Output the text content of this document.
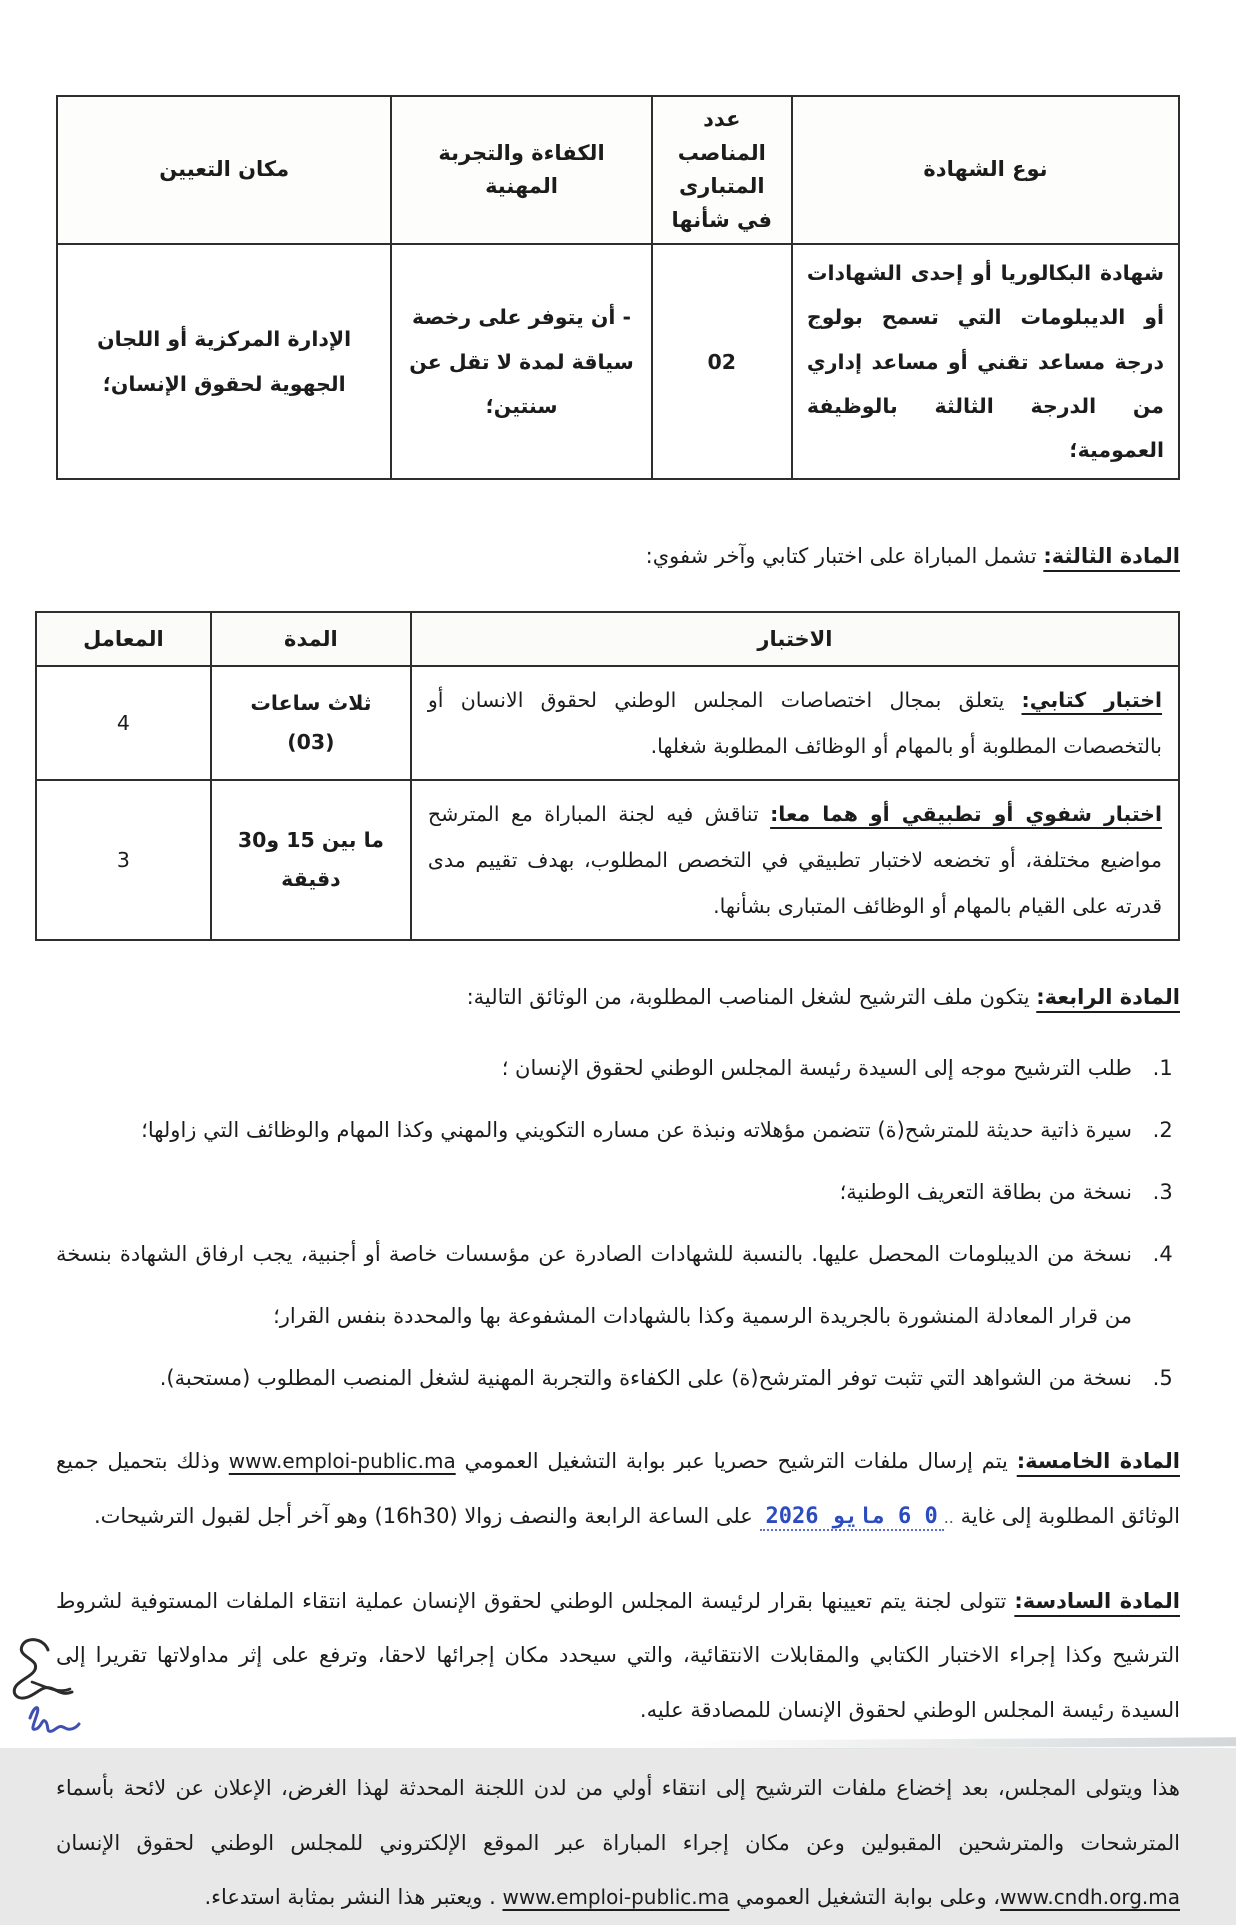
نوع الشهادة	عدد المناصب المتبارى في شأنها	الكفاءة والتجربة المهنية	مكان التعيين
شهادة البكالوريا أو إحدى الشهادات أو الديبلومات التي تسمح بولوج درجة مساعد تقني أو مساعد إداري من الدرجة الثالثة بالوظيفة العمومية؛	02	- أن يتوفر على رخصة سياقة لمدة لا تقل عن سنتين؛	الإدارة المركزية أو اللجان الجهوية لحقوق الإنسان؛

المادة الثالثة: تشمل المباراة على اختبار كتابي وآخر شفوي:

الاختبار	المدة	المعامل
اختبار كتابي: يتعلق بمجال اختصاصات المجلس الوطني لحقوق الانسان أو بالتخصصات المطلوبة أو بالمهام أو الوظائف المطلوبة شغلها.	ثلاث ساعات (03)	4
اختبار شفوي أو تطبيقي أو هما معا: تناقش فيه لجنة المباراة مع المترشح مواضيع مختلفة، أو تخضعه لاختبار تطبيقي في التخصص المطلوب، بهدف تقييم مدى قدرته على القيام بالمهام أو الوظائف المتبارى بشأنها.	ما بين 15 و30 دقيقة	3

المادة الرابعة: يتكون ملف الترشيح لشغل المناصب المطلوبة، من الوثائق التالية:

1. طلب الترشيح موجه إلى السيدة رئيسة المجلس الوطني لحقوق الإنسان ؛
2. سيرة ذاتية حديثة للمترشح(ة) تتضمن مؤهلاته ونبذة عن مساره التكويني والمهني وكذا المهام والوظائف التي زاولها؛
3. نسخة من بطاقة التعريف الوطنية؛
4. نسخة من الديبلومات المحصل عليها. بالنسبة للشهادات الصادرة عن مؤسسات خاصة أو أجنبية، يجب ارفاق الشهادة بنسخة من قرار المعادلة المنشورة بالجريدة الرسمية وكذا بالشهادات المشفوعة بها والمحددة بنفس القرار؛
5. نسخة من الشواهد التي تثبت توفر المترشح(ة) على الكفاءة والتجربة المهنية لشغل المنصب المطلوب (مستحبة).

المادة الخامسة: يتم إرسال ملفات الترشيح حصريا عبر بوابة التشغيل العمومي www.emploi-public.ma وذلك بتحميل جميع الوثائق المطلوبة إلى غاية ..0 6 مايو 2026 على الساعة الرابعة والنصف زوالا (16h30) وهو آخر أجل لقبول الترشيحات.

المادة السادسة: تتولى لجنة يتم تعيينها بقرار لرئيسة المجلس الوطني لحقوق الإنسان عملية انتقاء الملفات المستوفية لشروط الترشيح وكذا إجراء الاختبار الكتابي والمقابلات الانتقائية، والتي سيحدد مكان إجرائها لاحقا، وترفع على إثر مداولاتها تقريرا إلى السيدة رئيسة المجلس الوطني لحقوق الإنسان للمصادقة عليه.

هذا ويتولى المجلس، بعد إخضاع ملفات الترشيح إلى انتقاء أولي من لدن اللجنة المحدثة لهذا الغرض، الإعلان عن لائحة بأسماء المترشحات والمترشحين المقبولين وعن مكان إجراء المباراة عبر الموقع الإلكتروني للمجلس الوطني لحقوق الإنسان www.cndh.org.ma، وعلى بوابة التشغيل العمومي www.emploi-public.ma . ويعتبر هذا النشر بمثابة استدعاء.
